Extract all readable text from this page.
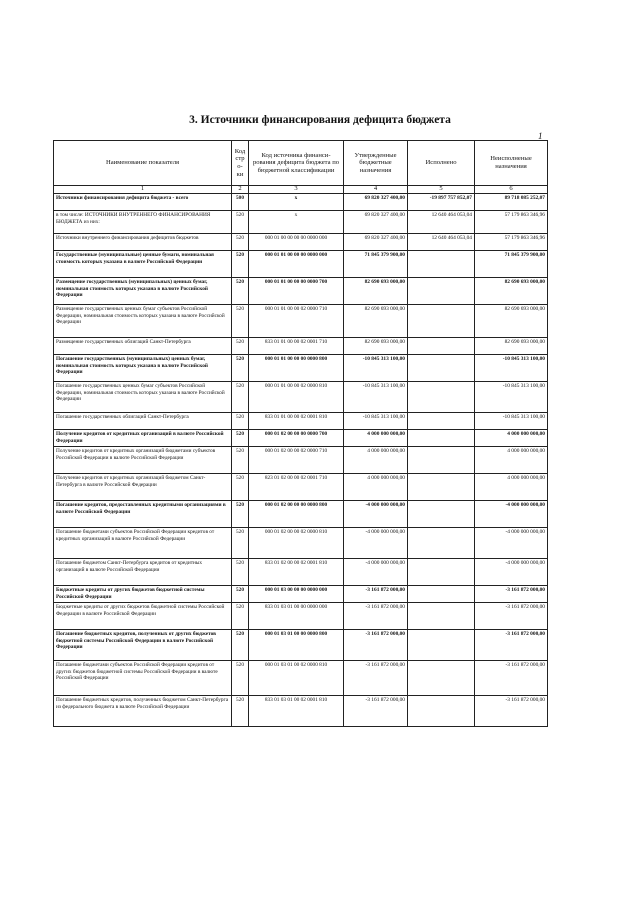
3. Источники финансирования дефицита бюджета
1
Наименование показателя	Код стро-ки	Код источника финанси-рования дефицита бюджета по бюджетной классификации	Утвержденные бюджетные назначения	Исполнено	Неисполненые назначения
1	2	3	4	5	6
Источники финансирования дефицита бюджета - всего	500	x	69 820 327 400,00	-19 897 757 852,07	89 718 085 252,07
в том числе: ИСТОЧНИКИ ВНУТРЕННЕГО ФИНАНСИРОВАНИЯ БЮДЖЕТА из них:	520	x	69 820 327 400,00	12 640 464 053,04	57 179 863 346,96
Источники внутреннего финансирования дефицитов бюджетов	520	000 01 00 00 00 00 0000 000	69 820 327 400,00	12 640 464 053,04	57 179 863 346,96
Государственные (муниципальные) ценные бумаги, номинальная стоимость которых указана в валюте Российской Федерации	520	000 01 01 00 00 00 0000 000	71 845 379 900,00		71 845 379 900,00
Размещение государственных (муниципальных) ценных бумаг, номинальная стоимость которых указана в валюте Российской Федерации	520	000 01 01 00 00 00 0000 700	82 690 693 000,00		82 690 693 000,00
Размещение государственных ценных бумаг субъектов Российской Федерации, номинальная стоимость которых указана в валюте Российской Федерации	520	000 01 01 00 00 02 0000 710	82 690 693 000,00		82 690 693 000,00
Размещение государственных облигаций Санкт-Петербурга	520	833 01 01 00 00 02 0001 710	82 690 693 000,00		82 690 693 000,00
Погашение государственных (муниципальных) ценных бумаг, номинальная стоимость которых указана в валюте Российской Федерации	520	000 01 01 00 00 00 0000 800	-10 845 313 100,00		-10 845 313 100,00
Погашение государственных ценных бумаг субъектов Российской Федерации, номинальная стоимость которых указана в валюте Российской Федерации	520	000 01 01 00 00 02 0000 810	-10 845 313 100,00		-10 845 313 100,00
Погашение государственных облигаций Санкт-Петербурга	520	833 01 01 00 00 02 0001 810	-10 845 313 100,00		-10 845 313 100,00
Получение кредитов от кредитных организаций в валюте Российской Федерации	520	000 01 02 00 00 00 0000 700	4 000 000 000,00		4 000 000 000,00
Получение кредитов от кредитных организаций бюджетами субъектов Российской Федерации в валюте Российской Федерации	520	000 01 02 00 00 02 0000 710	4 000 000 000,00		4 000 000 000,00
Получение кредитов от кредитных организаций бюджетом Санкт-Петербурга в валюте Российской Федерации	520	823 01 02 00 00 02 0001 710	4 000 000 000,00		4 000 000 000,00
Погашение кредитов, предоставленных кредитными организациями в валюте Российской Федерации	520	000 01 02 00 00 00 0000 800	-4 000 000 000,00		-4 000 000 000,00
Погашение бюджетами субъектов Российской Федерации кредитов от кредитных организаций в валюте Российской Федерации	520	000 01 02 00 00 02 0000 810	-4 000 000 000,00		-4 000 000 000,00
Погашение бюджетом Санкт-Петербурга кредитов от кредитных организаций в валюте Российской Федерации	520	833 01 02 00 00 02 0001 810	-4 000 000 000,00		-4 000 000 000,00
Бюджетные кредиты от других бюджетов бюджетной системы Российской Федерации	520	000 01 03 00 00 00 0000 000	-3 161 872 000,00		-3 161 872 000,00
Бюджетные кредиты от других бюджетов бюджетной системы Российской Федерации в валюте Российской Федерации	520	833 01 03 01 00 00 0000 000	-3 161 872 000,00		-3 161 872 000,00
Погашение бюджетных кредитов, полученных от других бюджетов бюджетной системы Российской Федерации в валюте Российской Федерации	520	000 01 03 01 00 00 0000 800	-3 161 872 000,00		-3 161 872 000,00
Погашение бюджетами субъектов Российской Федерации кредитов от других бюджетов бюджетной системы Российской Федерации в валюте Российской Федерации	520	000 01 03 01 00 02 0000 810	-3 161 872 000,00		-3 161 872 000,00
Погашение бюджетных кредитов, полученных бюджетом Санкт-Петербурга из федерального бюджета в валюте Российской Федерации	520	833 01 03 01 00 02 0001 810	-3 161 872 000,00		-3 161 872 000,00
